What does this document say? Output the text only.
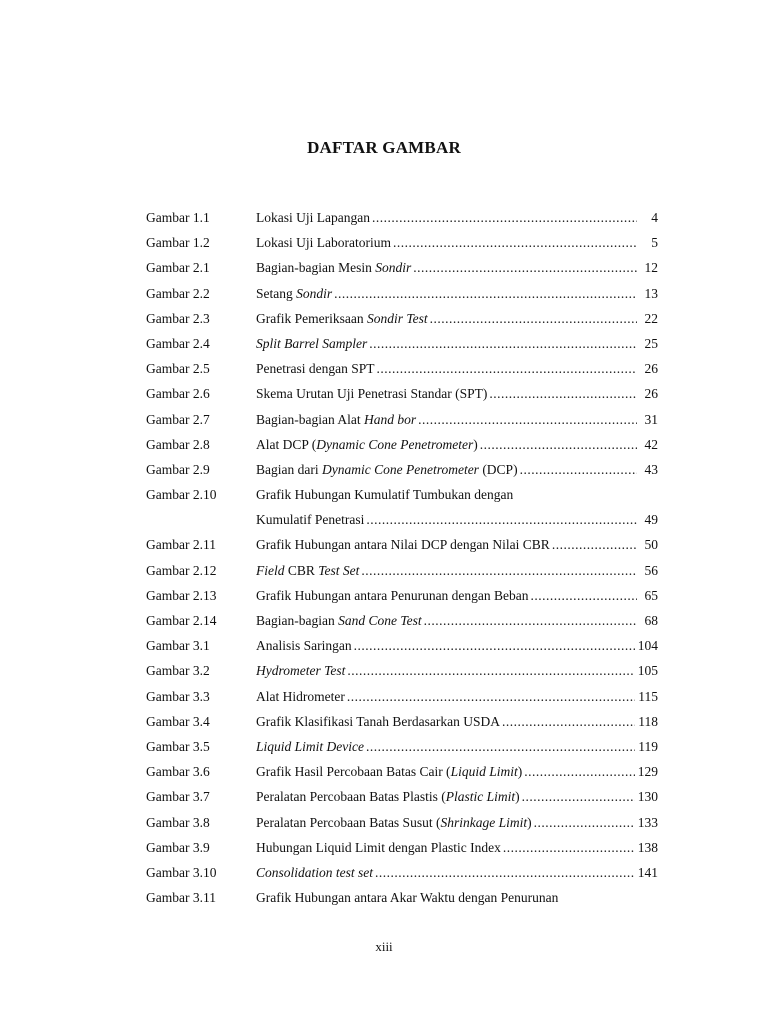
DAFTAR GAMBAR
Gambar 1.1	Lokasi Uji Lapangan .....	4
Gambar 1.2	Lokasi Uji Laboratorium .....	5
Gambar 2.1	Bagian-bagian Mesin Sondir .....	12
Gambar 2.2	Setang Sondir .....	13
Gambar 2.3	Grafik Pemeriksaan Sondir Test .....	22
Gambar 2.4	Split Barrel Sampler .....	25
Gambar 2.5	Penetrasi dengan SPT .....	26
Gambar 2.6	Skema Urutan Uji Penetrasi Standar (SPT) .....	26
Gambar 2.7	Bagian-bagian Alat Hand bor .....	31
Gambar 2.8	Alat DCP (Dynamic Cone Penetrometer) .....	42
Gambar 2.9	Bagian dari Dynamic Cone Penetrometer (DCP) .....	43
Gambar 2.10	Grafik Hubungan Kumulatif Tumbukan dengan
Kumulatif Penetrasi .....	49
Gambar 2.11	Grafik Hubungan antara Nilai DCP dengan Nilai CBR .....	50
Gambar 2.12	Field CBR Test Set .....	56
Gambar 2.13	Grafik Hubungan antara Penurunan dengan Beban .....	65
Gambar 2.14	Bagian-bagian Sand Cone Test .....	68
Gambar 3.1	Analisis Saringan .....	104
Gambar 3.2	Hydrometer Test .....	105
Gambar 3.3	Alat Hidrometer .....	115
Gambar 3.4	Grafik Klasifikasi Tanah Berdasarkan USDA .....	118
Gambar 3.5	Liquid Limit Device .....	119
Gambar 3.6	Grafik Hasil Percobaan Batas Cair (Liquid Limit) .....	129
Gambar 3.7	Peralatan Percobaan Batas Plastis (Plastic Limit) .....	130
Gambar 3.8	Peralatan Percobaan Batas Susut (Shrinkage Limit) .....	133
Gambar 3.9	Hubungan Liquid Limit dengan Plastic Index .....	138
Gambar 3.10	Consolidation test set .....	141
Gambar 3.11	Grafik Hubungan antara Akar Waktu dengan Penurunan
xiii
